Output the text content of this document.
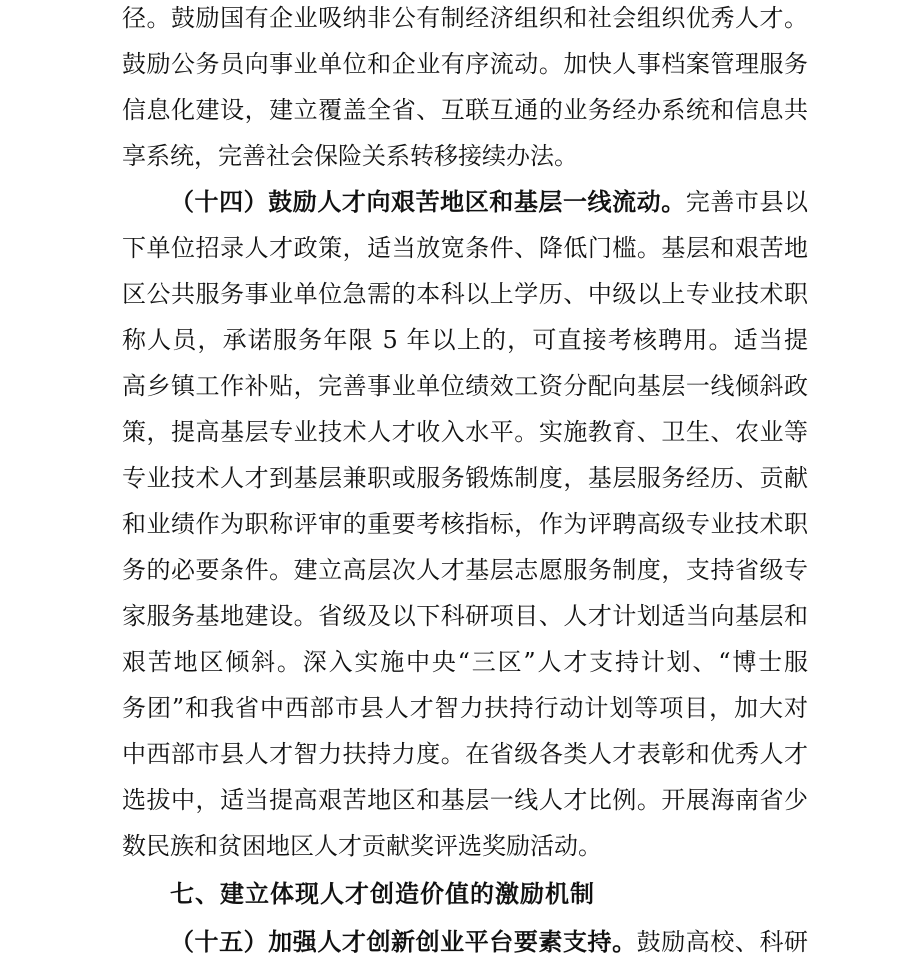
径。鼓励国有企业吸纳非公有制经济组织和社会组织优秀人才。
鼓励公务员向事业单位和企业有序流动。加快人事档案管理服务
信息化建设，建立覆盖全省、互联互通的业务经办系统和信息共
享系统，完善社会保险关系转移接续办法。
（十四）鼓励人才向艰苦地区和基层一线流动。完善市县以
下单位招录人才政策，适当放宽条件、降低门槛。基层和艰苦地
区公共服务事业单位急需的本科以上学历、中级以上专业技术职
称人员，承诺服务年限 5 年以上的，可直接考核聘用。适当提
高乡镇工作补贴，完善事业单位绩效工资分配向基层一线倾斜政
策，提高基层专业技术人才收入水平。实施教育、卫生、农业等
专业技术人才到基层兼职或服务锻炼制度，基层服务经历、贡献
和业绩作为职称评审的重要考核指标，作为评聘高级专业技术职
务的必要条件。建立高层次人才基层志愿服务制度，支持省级专
家服务基地建设。省级及以下科研项目、人才计划适当向基层和
艰苦地区倾斜。深入实施中央“三区”人才支持计划、“博士服
务团”和我省中西部市县人才智力扶持行动计划等项目，加大对
中西部市县人才智力扶持力度。在省级各类人才表彰和优秀人才
选拔中，适当提高艰苦地区和基层一线人才比例。开展海南省少
数民族和贫困地区人才贡献奖评选奖励活动。
七、建立体现人才创造价值的激励机制
（十五）加强人才创新创业平台要素支持。鼓励高校、科研
